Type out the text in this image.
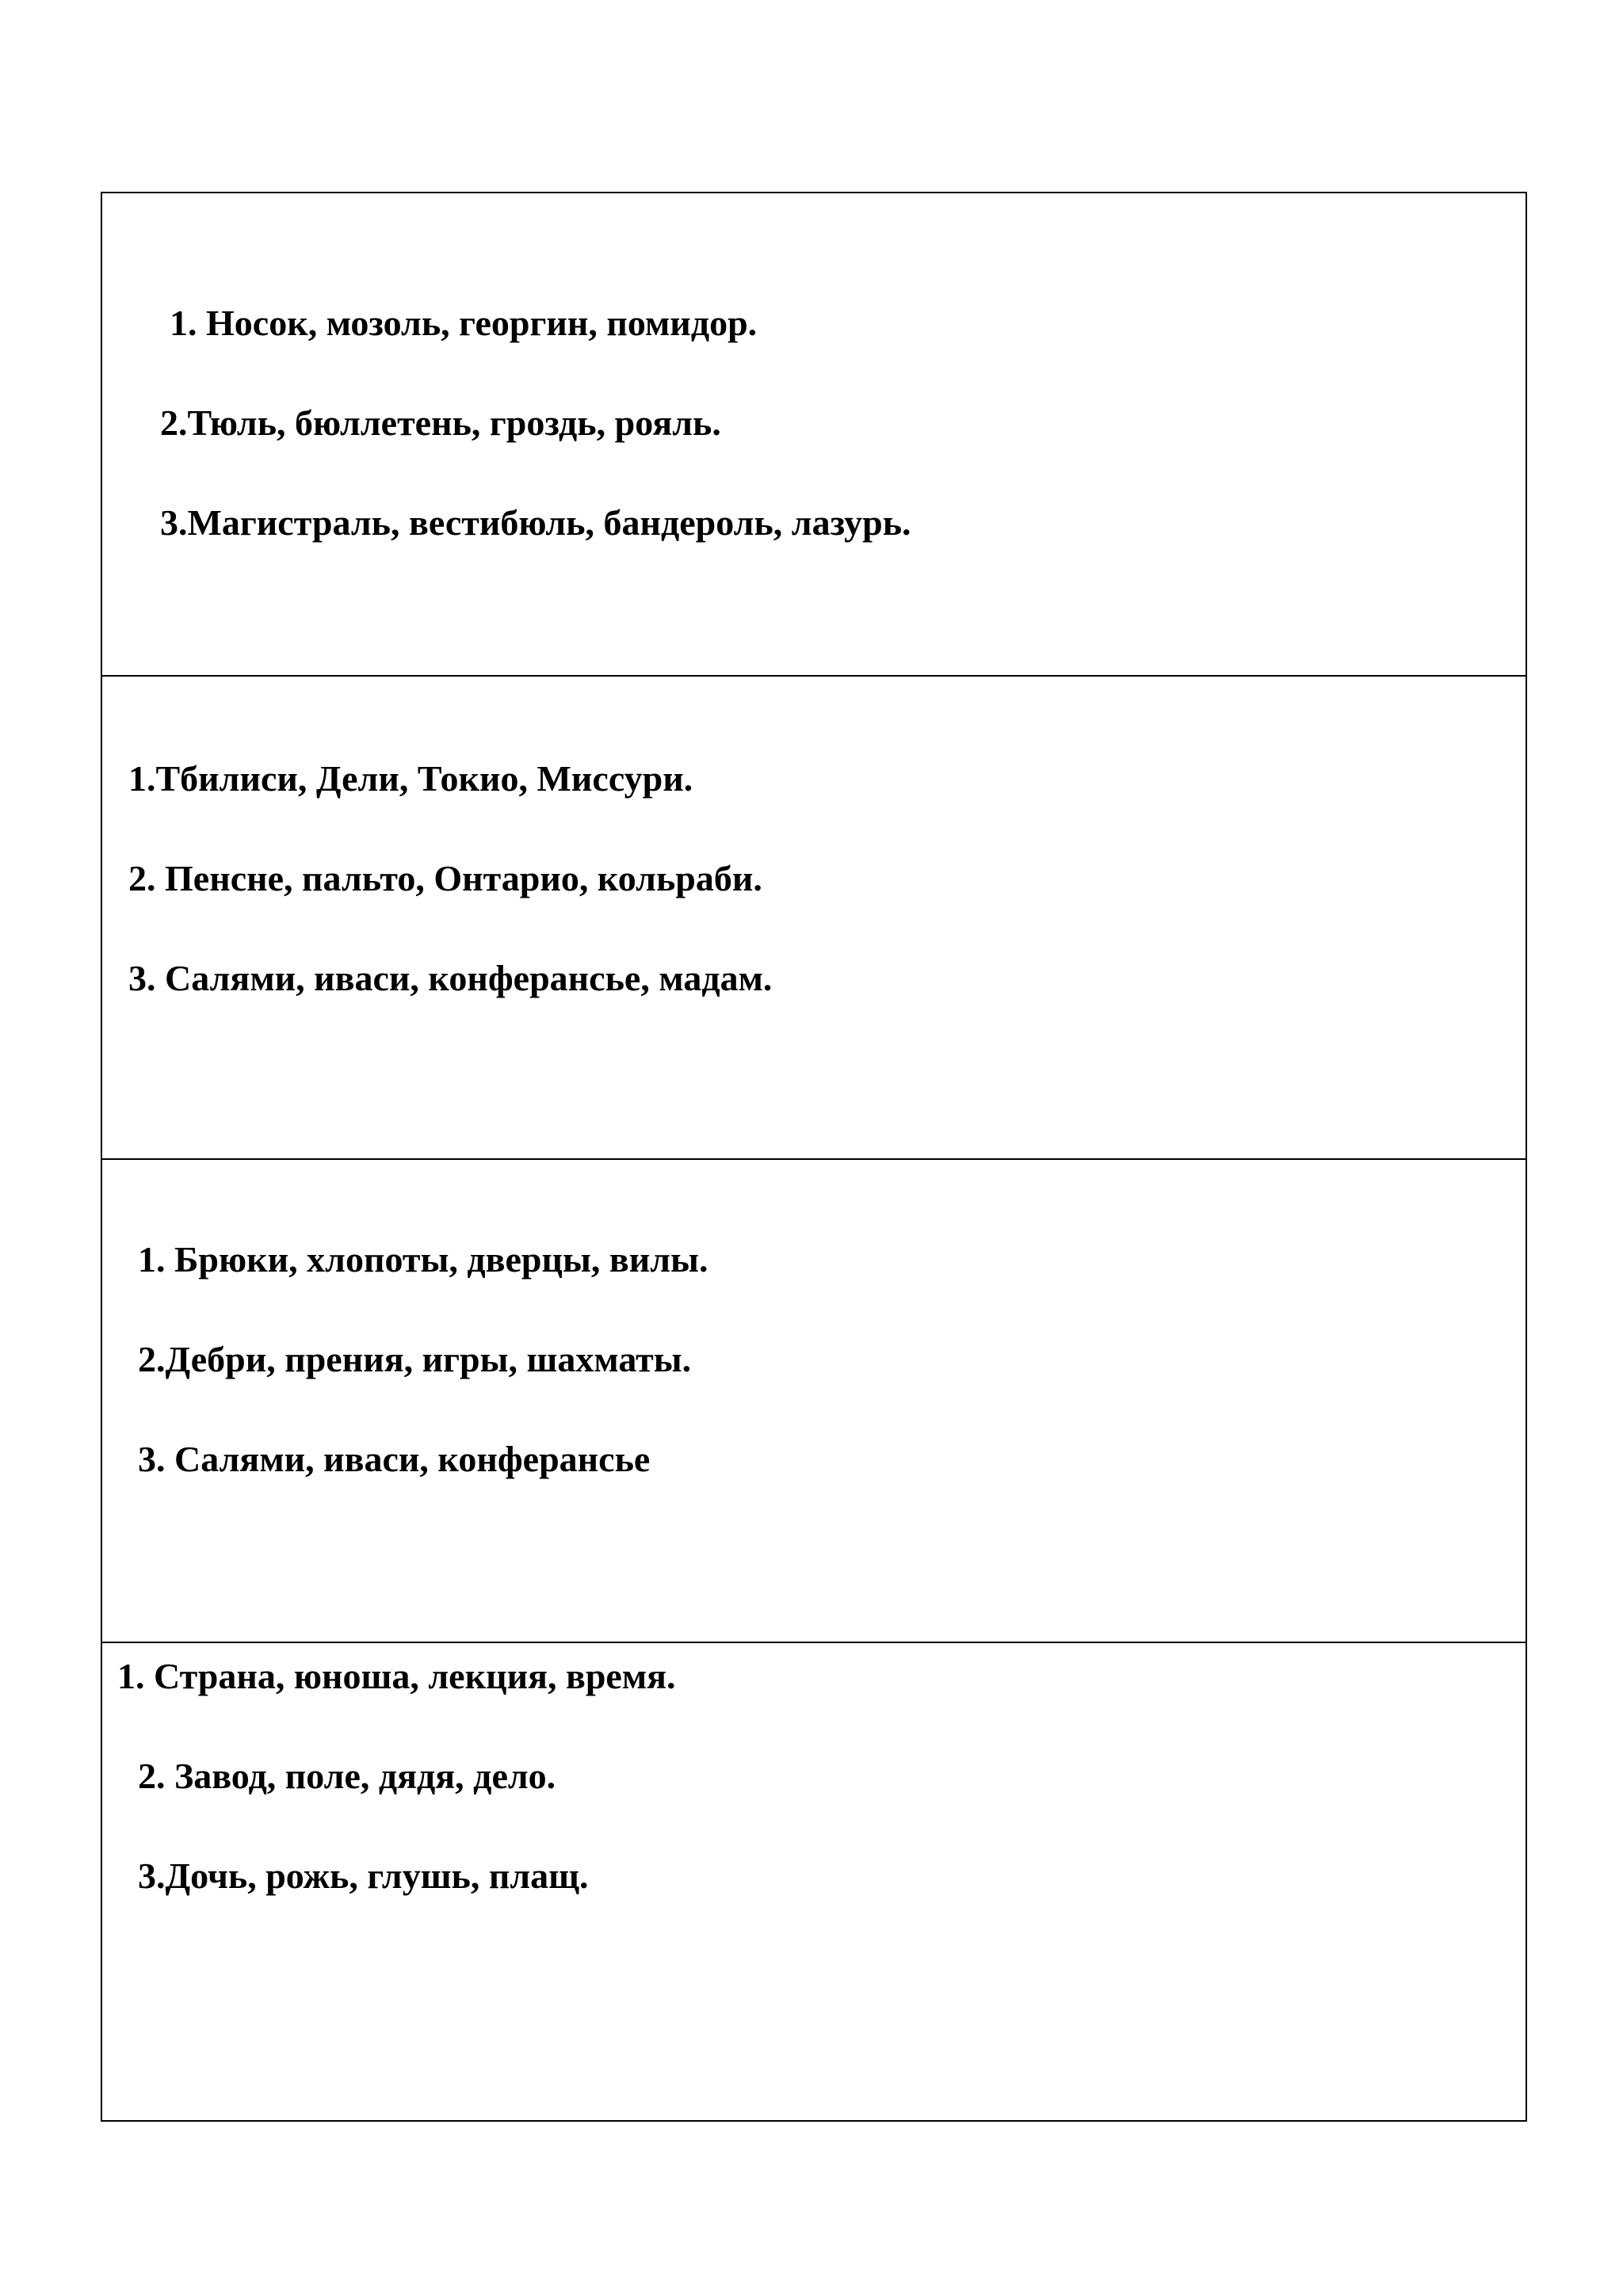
1. Носок, мозоль, георгин, помидор.
2.Тюль, бюллетень, гроздь, рояль.
3.Магистраль, вестибюль, бандероль, лазурь.
1.Тбилиси, Дели, Токио, Миссури.
2. Пенсне, пальто, Онтарио, кольраби.
3. Салями, иваси, конферансье, мадам.
1. Брюки, хлопоты, дверцы, вилы.
2.Дебри, прения, игры, шахматы.
3. Салями, иваси, конферансье
1. Страна, юноша, лекция, время.
2. Завод, поле, дядя, дело.
3.Дочь, рожь, глушь, плащ.
